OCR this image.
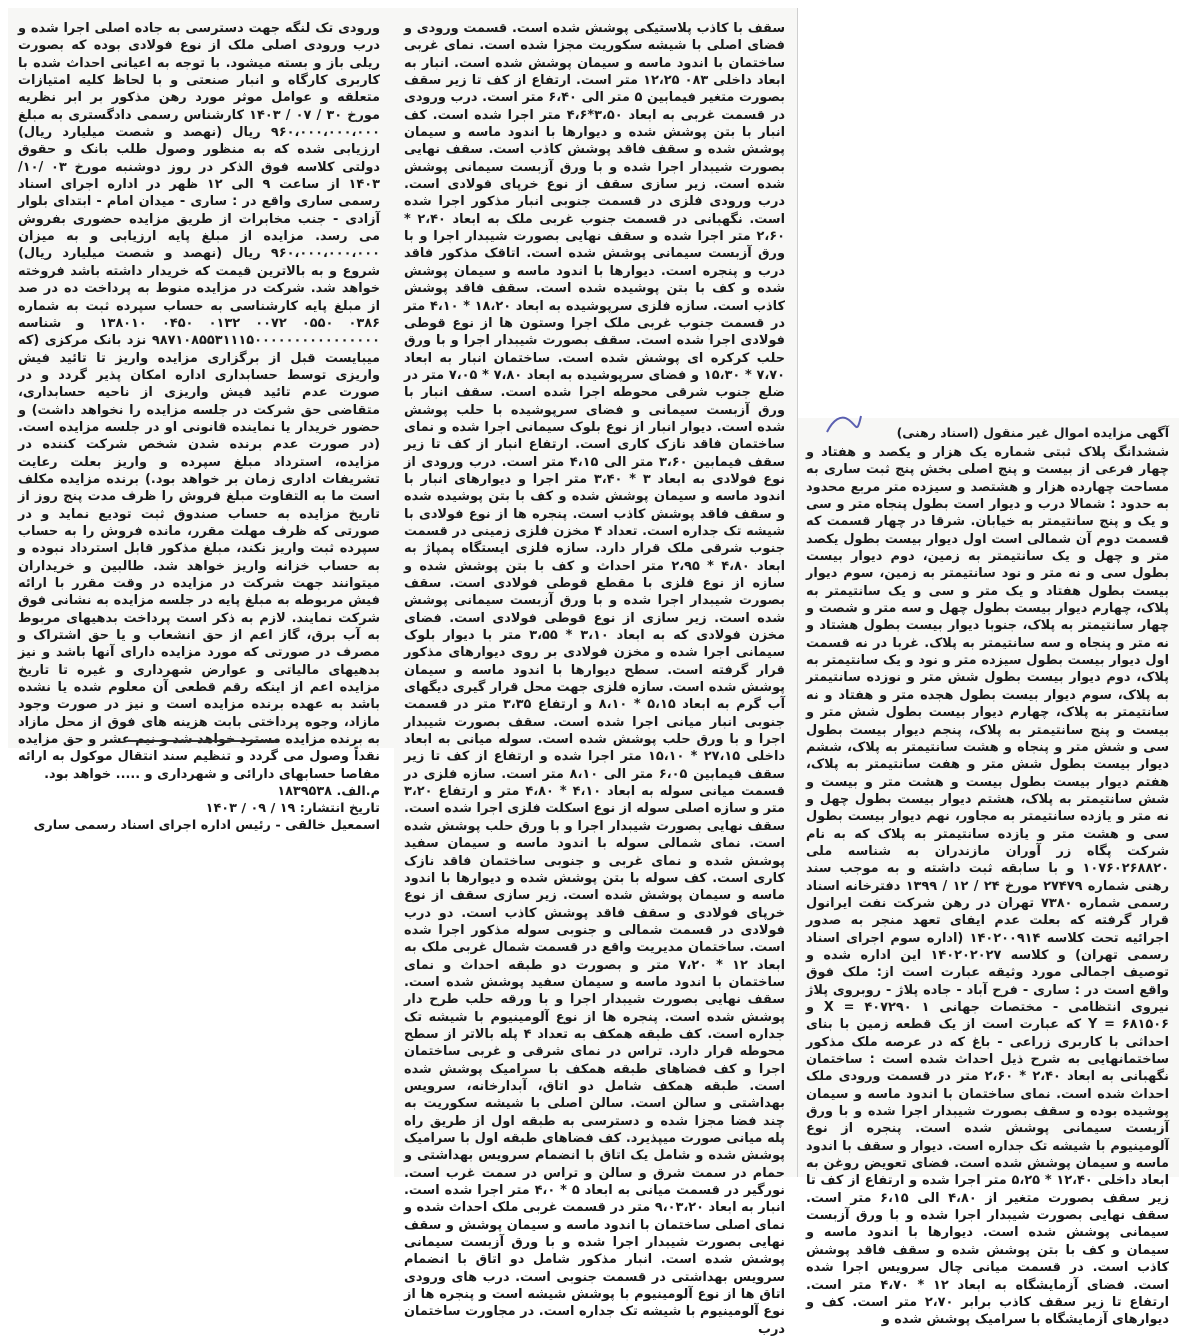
ورودی تک لنگه جهت دسترسی به جاده اصلی اجرا شده و درب ورودی اصلی ملک از نوع فولادی بوده که بصورت ریلی باز و بسته میشود. با توجه به اعیانی احداث شده با کاربری کارگاه و انبار صنعتی و با لحاظ کلیه امتیازات متعلقه و عوامل موثر مورد رهن مذکور بر ابر نظریه مورخ ۳۰ / ۰۷ / ۱۴۰۳ کارشناس رسمی دادگستری به مبلغ ۹۶۰،۰۰۰،۰۰۰،۰۰۰ ریال (نهصد و شصت میلیارد ریال) ارزیابی شده که به منظور وصول طلب بانک و حقوق دولتی کلاسه فوق الذکر در روز دوشنبه مورخ ۰۳ /۱۰/ ۱۴۰۳ از ساعت ۹ الی ۱۲ ظهر در اداره اجرای اسناد رسمی ساری واقع در : ساری - میدان امام - ابتدای بلوار آزادی - جنب مخابرات از طریق مزایده حضوری بفروش می رسد. مزایده از مبلغ پایه ارزیابی و به میزان ۹۶۰،۰۰۰،۰۰۰،۰۰۰ ریال (نهصد و شصت میلیارد ریال) شروع و به بالاترین قیمت که خریدار داشته باشد فروخته خواهد شد. شرکت در مزایده منوط به پرداخت ده در صد از مبلغ پایه کارشناسی به حساب سپرده ثبت به شماره ۰۳۸۶ ۰۵۵۰ ۰۰۷۲ ۰۱۳۲ ۰۴۵۰ ۱۳۸۰۱۰ و شناسه ۹۸۷۱۰۸۵۵۳۱۱۱۵۰۰۰۰۰۰۰۰۰۰۰۰۰۰۰۰ نزد بانک مرکزی (که میبایست قبل از برگزاری مزایده واریز تا تائید فیش واریزی توسط حسابداری اداره امکان پذیر گردد و در صورت عدم تائید فیش واریزی از ناحیه حسابداری، متقاضی حق شرکت در جلسه مزایده را نخواهد داشت) و حضور خریدار یا نماینده قانونی او در جلسه مزایده است. (در صورت عدم برنده شدن شخص شرکت کننده در مزایده، استرداد مبلغ سپرده و واریز بعلت رعایت تشریفات اداری زمان بر خواهد بود.) برنده مزایده مکلف است ما به التفاوت مبلغ فروش را ظرف مدت پنج روز از تاریخ مزایده به حساب صندوق ثبت تودیع نماید و در صورتی که ظرف مهلت مقرر، مانده فروش را به حساب سپرده ثبت واریز نکند، مبلغ مذکور قابل استرداد نبوده و به حساب خزانه واریز خواهد شد. طالبین و خریداران میتوانند جهت شرکت در مزایده در وقت مقرر با ارائه فیش مربوطه به مبلغ پایه در جلسه مزایده به نشانی فوق شرکت نمایند. لازم به ذکر است پرداخت بدهیهای مربوط به آب برق، گاز اعم از حق انشعاب و یا حق اشتراک و مصرف در صورتی که مورد مزایده دارای آنها باشد و نیز بدهیهای مالیاتی و عوارض شهرداری و غیره تا تاریخ مزایده اعم از اینکه رقم قطعی آن معلوم شده یا نشده باشد به عهده برنده مزایده است و نیز در صورت وجود مازاد، وجوه پرداختی بابت هزینه های فوق از محل مازاد به برنده مزایده مسترد خواهد شد و نیم عشر و حق مزایده نقداً وصول می گردد و تنظیم سند انتقال موکول به ارائه مفاصا حسابهای دارائی و شهرداری و ..... خواهد بود.

م.الف. ۱۸۳۹۵۳۸

تاریخ انتشار: ۱۹ / ۰۹ / ۱۴۰۳

اسمعیل خالقی - رئیس اداره اجرای اسناد رسمی ساری

سقف با کاذب پلاستیکی پوشش شده است. قسمت ورودی و فضای اصلی با شیشه سکوریت مجزا شده است. نمای غربی ساختمان با اندود ماسه و سیمان پوشش شده است. انبار به ابعاد داخلی ۰۸۳ ۱۲،۲۵ متر است. ارتفاع از کف تا زیر سقف بصورت متغیر فیمابین ۵ متر الی ۶،۴۰ متر است. درب ورودی در قسمت غربی به ابعاد ۳،۵۰*۴،۶ متر اجرا شده است. کف انبار با بتن پوشش شده و دیوارها با اندود ماسه و سیمان پوشش شده و سقف فاقد پوشش کاذب است. سقف نهایی بصورت شیبدار اجرا شده و با ورق آزبست سیمانی پوشش شده است. زیر سازی سقف از نوع خرپای فولادی است. درب ورودی فلزی در قسمت جنوبی انبار مذکور اجرا شده است. نگهبانی در قسمت جنوب غربی ملک به ابعاد ۲،۴۰ * ۲،۶۰ متر اجرا شده و سقف نهایی بصورت شیبدار اجرا و با ورق آزبست سیمانی پوشش شده است. اتاقک مذکور فاقد درب و پنجره است. دیوارها با اندود ماسه و سیمان پوشش شده و کف با بتن پوشیده شده است. سقف فاقد پوشش کاذب است. سازه فلزی سرپوشیده به ابعاد ۱۸،۲۰ * ۴،۱۰ متر در قسمت جنوب غربی ملک اجرا وستون ها از نوع قوطی فولادی اجرا شده است. سقف بصورت شیبدار اجرا و با ورق حلب کرکره ای پوشش شده است. ساختمان انبار به ابعاد ۷،۷۰ * ۱۵،۳۰ و فضای سرپوشیده به ابعاد ۷،۸۰ * ۷،۰۵ متر در ضلع جنوب شرقی محوطه اجرا شده است. سقف انبار با ورق آزبست سیمانی و فضای سرپوشیده با حلب پوشش شده است. دیوار انبار از نوع بلوک سیمانی اجرا شده و نمای ساختمان فاقد نازک کاری است. ارتفاع انبار از کف تا زیر سقف فیمابین ۳،۶۰ متر الی ۴،۱۵ متر است. درب ورودی از نوع فولادی به ابعاد ۳ * ۳،۴۰ متر اجرا و دیوارهای انبار با اندود ماسه و سیمان پوشش شده و کف با بتن پوشیده شده و سقف فاقد پوشش کاذب است. پنجره ها از نوع فولادی با شیشه تک جداره است. تعداد ۴ مخزن فلزی زمینی در قسمت جنوب شرقی ملک قرار دارد. سازه فلزی ایستگاه پمپاژ به ابعاد ۴،۸۰ * ۲،۹۵ متر احداث و کف با بتن پوشش شده و سازه از نوع فلزی با مقطع قوطی فولادی است. سقف بصورت شیبدار اجرا شده و با ورق آزبست سیمانی پوشش شده است. زیر سازی از نوع قوطی فولادی است. فضای مخزن فولادی که به ابعاد ۳،۱۰ * ۳،۵۵ متر با دیوار بلوک سیمانی اجرا شده و مخزن فولادی بر روی دیوارهای مذکور قرار گرفته است. سطح دیوارها با اندود ماسه و سیمان پوشش شده است. سازه فلزی جهت محل قرار گیری دیگهای آب گرم به ابعاد ۵،۱۵ * ۸،۱۰ و ارتفاع ۳،۳۵ متر در قسمت جنوبی انبار میانی اجرا شده است. سقف بصورت شیبدار اجرا و با ورق حلب پوشش شده است. سوله میانی به ابعاد داخلی ۲۷،۱۵ * ۱۵،۱۰ متر اجرا شده و ارتفاع از کف تا زیر سقف فیمابین ۶،۰۵ متر الی ۸،۱۰ متر است. سازه فلزی در قسمت میانی سوله به ابعاد ۴،۱۰ * ۴،۸۰ متر و ارتفاع ۳،۲۰ متر و سازه اصلی سوله از نوع اسکلت فلزی اجرا شده است. سقف نهایی بصورت شیبدار اجرا و با ورق حلب پوشش شده است. نمای شمالی سوله با اندود ماسه و سیمان سفید پوشش شده و نمای غربی و جنوبی ساختمان فاقد نازک کاری است. کف سوله با بتن پوشش شده و دیوارها با اندود ماسه و سیمان پوشش شده است. زیر سازی سقف از نوع خرپای فولادی و سقف فاقد پوشش کاذب است. دو درب فولادی در قسمت شمالی و جنوبی سوله مذکور اجرا شده است. ساختمان مدیریت واقع در قسمت شمال غربی ملک به ابعاد ۱۲ * ۷،۲۰ متر و بصورت دو طبقه احداث و نمای ساختمان با اندود ماسه و سیمان سفید پوشش شده است. سقف نهایی بصورت شیبدار اجرا و با ورقه حلب طرح دار پوشش شده است. پنجره ها از نوع آلومینیوم با شیشه تک جداره است. کف طبقه همکف به تعداد ۴ پله بالاتر از سطح محوطه قرار دارد. تراس در نمای شرقی و غربی ساختمان اجرا و کف فضاهای طبقه همکف با سرامیک پوشش شده است. طبقه همکف شامل دو اتاق، آبدارخانه، سرویس بهداشتی و سالن است. سالن اصلی با شیشه سکوریت به چند فضا مجزا شده و دسترسی به طبقه اول از طریق راه پله میانی صورت میپذیرد. کف فضاهای طبقه اول با سرامیک پوشش شده و شامل یک اتاق با انضمام سرویس بهداشتی و حمام در سمت شرق و سالن و تراس در سمت غرب است. نورگیر در قسمت میانی به ابعاد ۵ * ۴،۰ متر اجرا شده است. انبار به ابعاد ۹،۰۳،۲۰ متر در قسمت غربی ملک احداث شده و نمای اصلی ساختمان با اندود ماسه و سیمان پوشش و سقف نهایی بصورت شیبدار اجرا شده و با ورق آزبست سیمانی پوشش شده است. انبار مذکور شامل دو اتاق با انضمام سرویس بهداشتی در قسمت جنوبی است. درب های ورودی اتاق ها از نوع آلومینیوم با پوشش شیشه است و پنجره ها از نوع آلومینیوم با شیشه تک جداره است. در مجاورت ساختمان درب

آگهی مزایده اموال غیر منقول (اسناد رهنی)

ششدانگ پلاک ثبتی شماره یک هزار و یکصد و هفتاد و چهار فرعی از بیست و پنج اصلی بخش پنج ثبت ساری به مساحت چهارده هزار و هشتصد و سیزده متر مربع محدود به حدود : شمالا درب و دیوار است بطول پنجاه متر و سی و یک و پنج سانتیمتر به خیابان. شرقا در چهار قسمت که قسمت دوم آن شمالی است اول دیوار بیست بطول یکصد متر و چهل و یک سانتیمتر به زمین، دوم دیوار بیست بطول سی و نه متر و نود سانتیمتر به زمین، سوم دیوار بیست بطول هفتاد و یک متر و سی و یک سانتیمتر به پلاک، چهارم دیوار بیست بطول چهل و سه متر و شصت و چهار سانتیمتر به پلاک، جنوبا دیوار بیست بطول هشتاد و نه متر و پنجاه و سه سانتیمتر به پلاک. غربا در نه قسمت اول دیوار بیست بطول سیزده متر و نود و یک سانتیمتر به پلاک، دوم دیوار بیست بطول شش متر و نوزده سانتیمتر به پلاک، سوم دیوار بیست بطول هجده متر و هفتاد و نه سانتیمتر به پلاک، چهارم دیوار بیست بطول شش متر و بیست و پنج سانتیمتر به پلاک، پنجم دیوار بیست بطول سی و شش متر و پنجاه و هشت سانتیمتر به پلاک، ششم دیوار بیست بطول شش متر و هفت سانتیمتر به پلاک، هفتم دیوار بیست بطول بیست و هشت متر و بیست و شش سانتیمتر به پلاک، هشتم دیوار بیست بطول چهل و نه متر و یازده سانتیمتر به مجاور، نهم دیوار بیست بطول سی و هشت متر و یازده سانتیمتر به پلاک که به نام شرکت پگاه زر آوران مازندران به شناسه ملی ۱۰۷۶۰۲۶۸۸۲۰ و با سابقه ثبت داشته و به موجب سند رهنی شماره ۲۷۴۷۹ مورخ ۲۴ / ۱۲ / ۱۳۹۹ دفترخانه اسناد رسمی شماره ۷۳۸۰ تهران در رهن شرکت نفت ایرانول قرار گرفته که بعلت عدم ایفای تعهد منجر به صدور اجرائیه تحت کلاسه ۱۴۰۲۰۰۹۱۴ (اداره سوم اجرای اسناد رسمی تهران) و کلاسه ۱۴۰۲۰۲۰۲۷ این اداره شده و توصیف اجمالی مورد وثیقه عبارت است از: ملک فوق واقع است در : ساری - فرح آباد - جاده پلاژ - روبروی پلاژ نیروی انتظامی - مختصات جهانی ۱ ۴۰۷۲۹۰ = X و ۶۸۱۵۰۶ = Y که عبارت است از یک قطعه زمین با بنای احداثی با کاربری زراعی - باغ که در عرصه ملک مذکور ساختمانهایی به شرح ذیل احداث شده است : ساختمان نگهبانی به ابعاد ۲،۴۰ * ۲،۶۰ متر در قسمت ورودی ملک احداث شده است. نمای ساختمان با اندود ماسه و سیمان پوشیده بوده و سقف بصورت شیبدار اجرا شده و با ورق آزبست سیمانی پوشش شده است. پنجره از نوع آلومینیوم با شیشه تک جداره است. دیوار و سقف با اندود ماسه و سیمان پوشش شده است. فضای تعویض روغن به ابعاد داخلی ۱۲،۴۰ * ۵،۲۵ متر اجرا شده و ارتفاع از کف تا زیر سقف بصورت متغیر از ۴،۸۰ الی ۶،۱۵ متر است. سقف نهایی بصورت شیبدار اجرا شده و با ورق آزبست سیمانی پوشش شده است. دیوارها با اندود ماسه و سیمان و کف با بتن پوشش شده و سقف فاقد پوشش کاذب است. در قسمت میانی چال سرویس اجرا شده است. فضای آزمایشگاه به ابعاد ۱۲ * ۴،۷۰ متر است. ارتفاع تا زیر سقف کاذب برابر ۲،۷۰ متر است. کف و دیوارهای آزمایشگاه با سرامیک پوشش شده و
